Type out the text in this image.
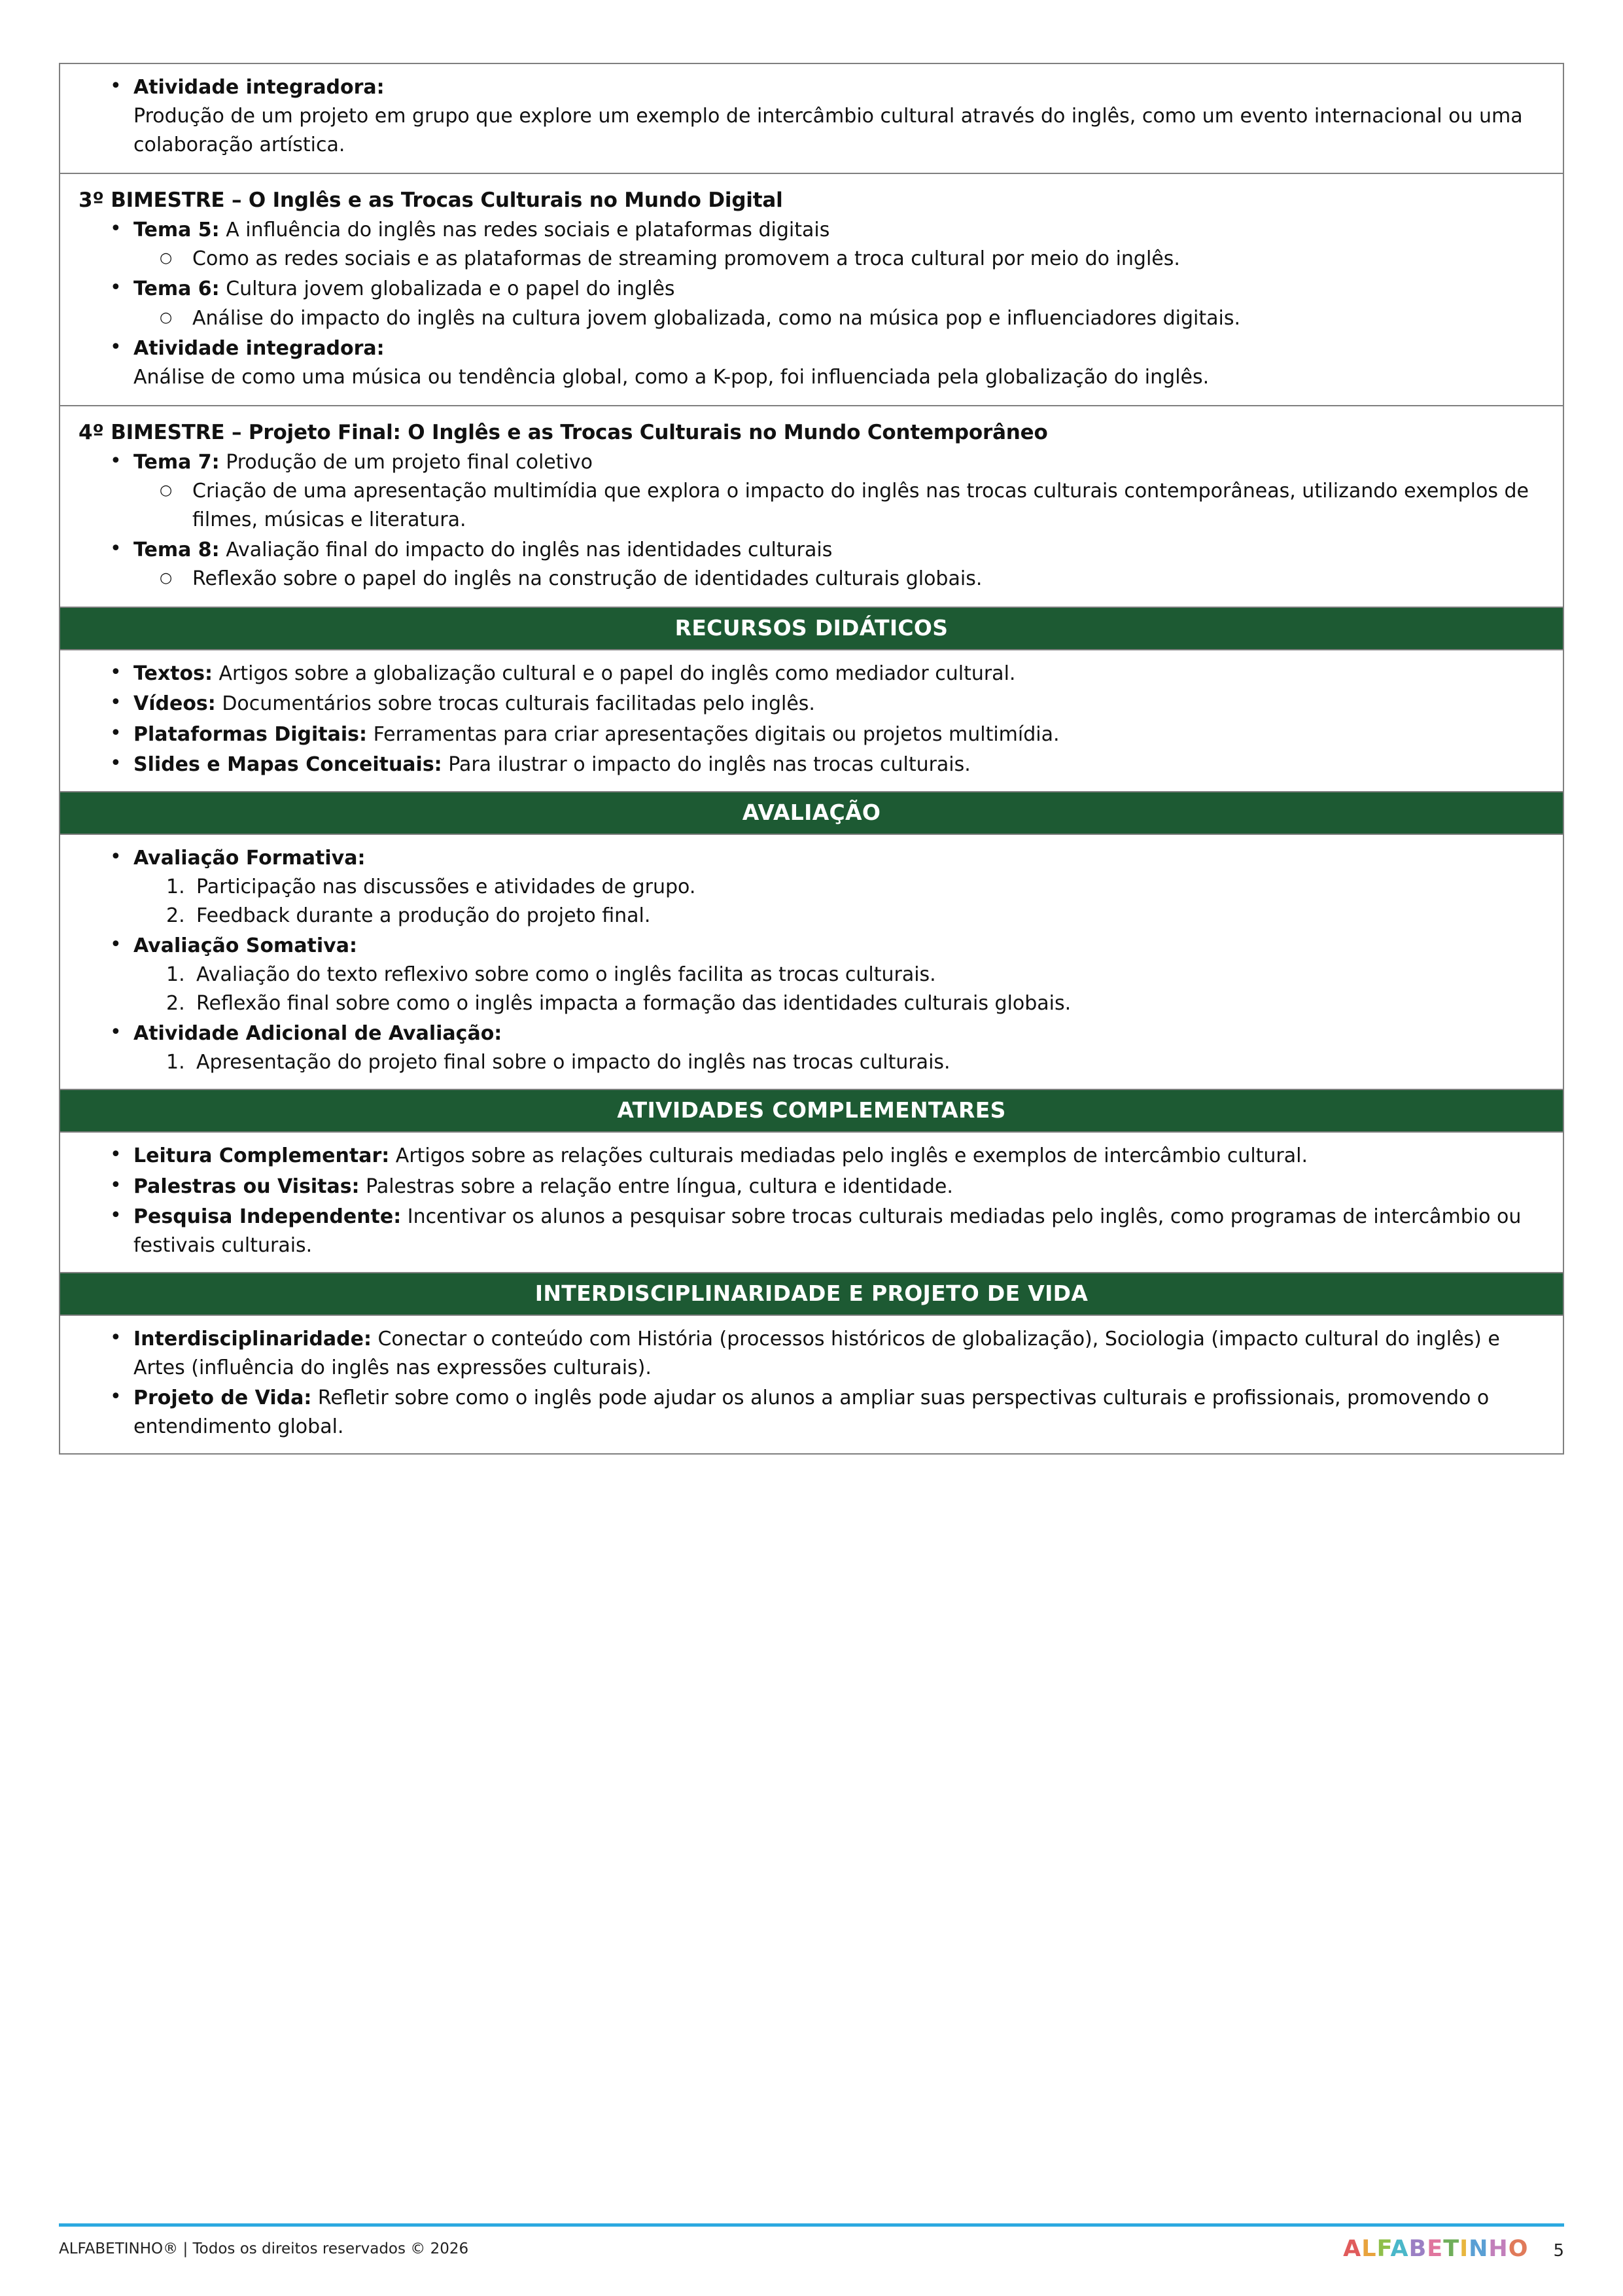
• Atividade integradora:
Produção de um projeto em grupo que explore um exemplo de intercâmbio cultural através do inglês, como um evento internacional ou uma colaboração artística.
3º BIMESTRE – O Inglês e as Trocas Culturais no Mundo Digital
• Tema 5: A influência do inglês nas redes sociais e plataformas digitais
○ Como as redes sociais e as plataformas de streaming promovem a troca cultural por meio do inglês.
• Tema 6: Cultura jovem globalizada e o papel do inglês
○ Análise do impacto do inglês na cultura jovem globalizada, como na música pop e influenciadores digitais.
• Atividade integradora:
Análise de como uma música ou tendência global, como a K-pop, foi influenciada pela globalização do inglês.
4º BIMESTRE – Projeto Final: O Inglês e as Trocas Culturais no Mundo Contemporâneo
• Tema 7: Produção de um projeto final coletivo
○ Criação de uma apresentação multimídia que explora o impacto do inglês nas trocas culturais contemporâneas, utilizando exemplos de filmes, músicas e literatura.
• Tema 8: Avaliação final do impacto do inglês nas identidades culturais
○ Reflexão sobre o papel do inglês na construção de identidades culturais globais.
RECURSOS DIDÁTICOS
• Textos: Artigos sobre a globalização cultural e o papel do inglês como mediador cultural.
• Vídeos: Documentários sobre trocas culturais facilitadas pelo inglês.
• Plataformas Digitais: Ferramentas para criar apresentações digitais ou projetos multimídia.
• Slides e Mapas Conceituais: Para ilustrar o impacto do inglês nas trocas culturais.
AVALIAÇÃO
• Avaliação Formativa:
Participação nas discussões e atividades de grupo.
Feedback durante a produção do projeto final.
• Avaliação Somativa:
Avaliação do texto reflexivo sobre como o inglês facilita as trocas culturais.
Reflexão final sobre como o inglês impacta a formação das identidades culturais globais.
• Atividade Adicional de Avaliação:
Apresentação do projeto final sobre o impacto do inglês nas trocas culturais.
ATIVIDADES COMPLEMENTARES
• Leitura Complementar: Artigos sobre as relações culturais mediadas pelo inglês e exemplos de intercâmbio cultural.
• Palestras ou Visitas: Palestras sobre a relação entre língua, cultura e identidade.
• Pesquisa Independente: Incentivar os alunos a pesquisar sobre trocas culturais mediadas pelo inglês, como programas de intercâmbio ou festivais culturais.
INTERDISCIPLINARIDADE E PROJETO DE VIDA
• Interdisciplinaridade: Conectar o conteúdo com História (processos históricos de globalização), Sociologia (impacto cultural do inglês) e Artes (influência do inglês nas expressões culturais).
• Projeto de Vida: Refletir sobre como o inglês pode ajudar os alunos a ampliar suas perspectivas culturais e profissionais, promovendo o entendimento global.
ALFABETINHO® | Todos os direitos reservados © 2026	ALFABETINHO 5
